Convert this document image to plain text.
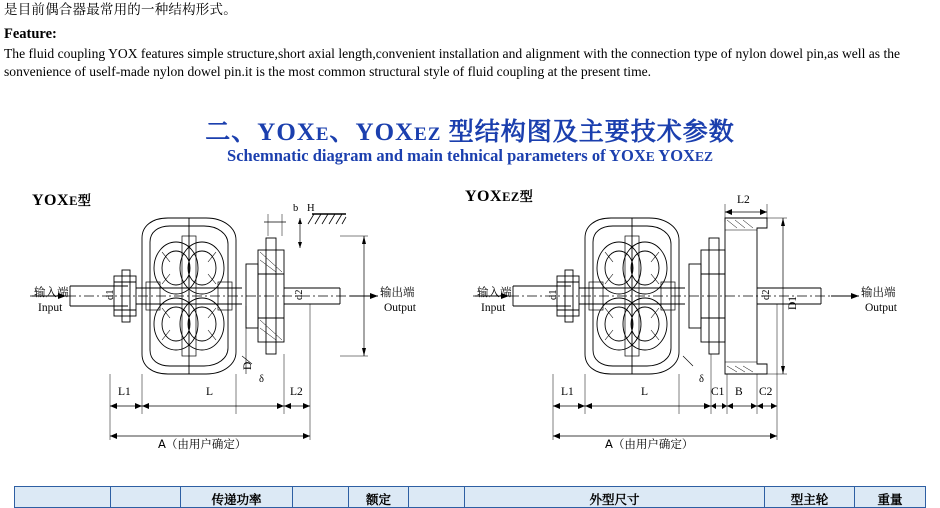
是目前偶合器最常用的一种结构形式。
Feature:
The fluid coupling YOX features simple structure,short axial length,convenient installation and alignment with the connection type of nylon dowel pin,as well as the sonvenience of uself-made nylon dowel pin.it is the most common structural style of fluid coupling at the present time.
二、YOXE、YOXEZ 型结构图及主要技术参数
Schemnatic diagram and main tehnical parameters of YOXE YOXEZ
YOXE型
输入端
Input
输出端
Output
d1	d2
D
b H
δ
L1	L	L2
A（由用户确定）
YOXEZ型
输入端
Input
输出端
Output
d1	d2
D1
L2
δ
L1	L	C1 B C2
A（由用户确定）
传递功率	额定	外型尺寸	型主轮	重量
